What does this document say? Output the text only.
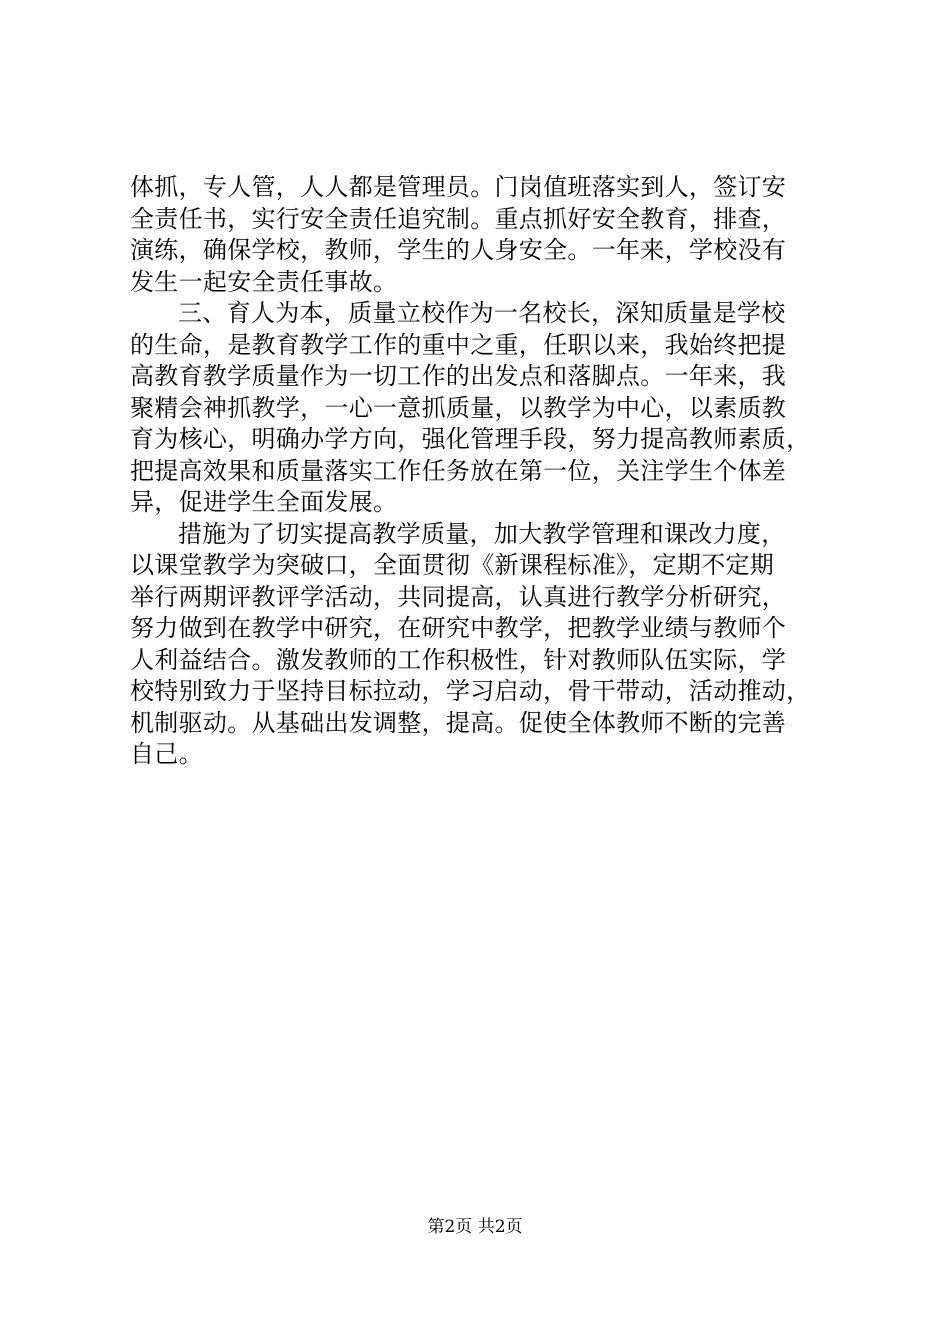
体抓，专人管，人人都是管理员。门岗值班落实到人，签订安
全责任书，实行安全责任追究制。重点抓好安全教育，排查，
演练，确保学校，教师，学生的人身安全。一年来，学校没有
发生一起安全责任事故。
三、育人为本，质量立校作为一名校长，深知质量是学校
的生命，是教育教学工作的重中之重，任职以来，我始终把提
高教育教学质量作为一切工作的出发点和落脚点。一年来，我
聚精会神抓教学，一心一意抓质量，以教学为中心，以素质教
育为核心，明确办学方向，强化管理手段，努力提高教师素质，
把提高效果和质量落实工作任务放在第一位，关注学生个体差
异，促进学生全面发展。
措施为了切实提高教学质量，加大教学管理和课改力度，
以课堂教学为突破口，全面贯彻《新课程标准》，定期不定期
举行两期评教评学活动，共同提高，认真进行教学分析研究，
努力做到在教学中研究，在研究中教学，把教学业绩与教师个
人利益结合。激发教师的工作积极性，针对教师队伍实际，学
校特别致力于坚持目标拉动，学习启动，骨干带动，活动推动，
机制驱动。从基础出发调整，提高。促使全体教师不断的完善
自己。
第2页 共2页
